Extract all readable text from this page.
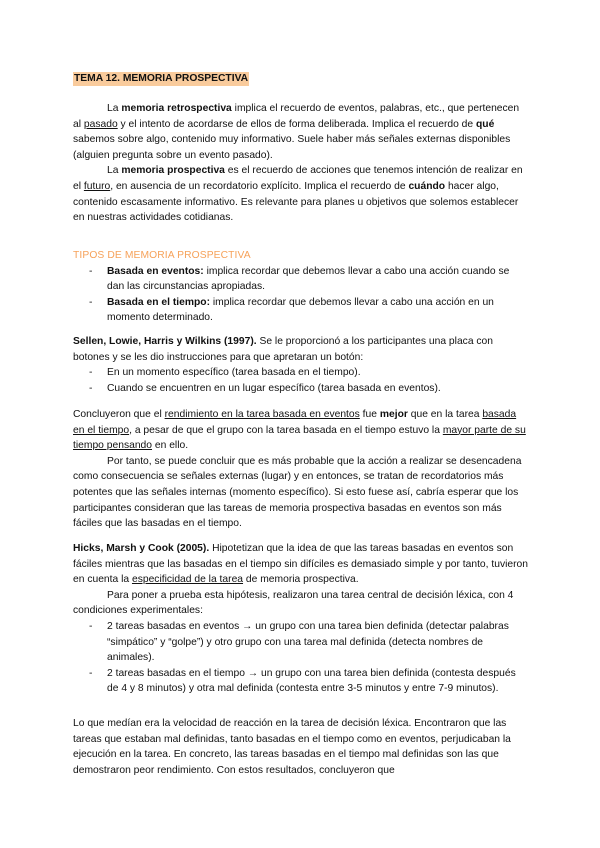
TEMA 12. MEMORIA PROSPECTIVA

La memoria retrospectiva implica el recuerdo de eventos, palabras, etc., que pertenecen al pasado y el intento de acordarse de ellos de forma deliberada. Implica el recuerdo de qué sabemos sobre algo, contenido muy informativo. Suele haber más señales externas disponibles (alguien pregunta sobre un evento pasado).

La memoria prospectiva es el recuerdo de acciones que tenemos intención de realizar en el futuro, en ausencia de un recordatorio explícito. Implica el recuerdo de cuándo hacer algo, contenido escasamente informativo. Es relevante para planes u objetivos que solemos establecer en nuestras actividades cotidianas.

TIPOS DE MEMORIA PROSPECTIVA

- Basada en eventos: implica recordar que debemos llevar a cabo una acción cuando se dan las circunstancias apropiadas.
- Basada en el tiempo: implica recordar que debemos llevar a cabo una acción en un momento determinado.

Sellen, Lowie, Harris y Wilkins (1997). Se le proporcionó a los participantes una placa con botones y se les dio instrucciones para que apretaran un botón:

- En un momento específico (tarea basada en el tiempo).
- Cuando se encuentren en un lugar específico (tarea basada en eventos).

Concluyeron que el rendimiento en la tarea basada en eventos fue mejor que en la tarea basada en el tiempo, a pesar de que el grupo con la tarea basada en el tiempo estuvo la mayor parte de su tiempo pensando en ello.

Por tanto, se puede concluir que es más probable que la acción a realizar se desencadena como consecuencia se señales externas (lugar) y en entonces, se tratan de recordatorios más potentes que las señales internas (momento específico). Si esto fuese así, cabría esperar que los participantes consideran que las tareas de memoria prospectiva basadas en eventos son más fáciles que las basadas en el tiempo.

Hicks, Marsh y Cook (2005). Hipotetizan que la idea de que las tareas basadas en eventos son fáciles mientras que las basadas en el tiempo sin difíciles es demasiado simple y por tanto, tuvieron en cuenta la especificidad de la tarea de memoria prospectiva.

Para poner a prueba esta hipótesis, realizaron una tarea central de decisión léxica, con 4 condiciones experimentales:

- 2 tareas basadas en eventos → un grupo con una tarea bien definida (detectar palabras “simpático” y “golpe”) y otro grupo con una tarea mal definida (detecta nombres de animales).
- 2 tareas basadas en el tiempo → un grupo con una tarea bien definida (contesta después de 4 y 8 minutos) y otra mal definida (contesta entre 3-5 minutos y entre 7-9 minutos).

Lo que medían era la velocidad de reacción en la tarea de decisión léxica. Encontraron que las tareas que estaban mal definidas, tanto basadas en el tiempo como en eventos, perjudicaban la ejecución en la tarea. En concreto, las tareas basadas en el tiempo mal definidas son las que demostraron peor rendimiento. Con estos resultados, concluyeron que
